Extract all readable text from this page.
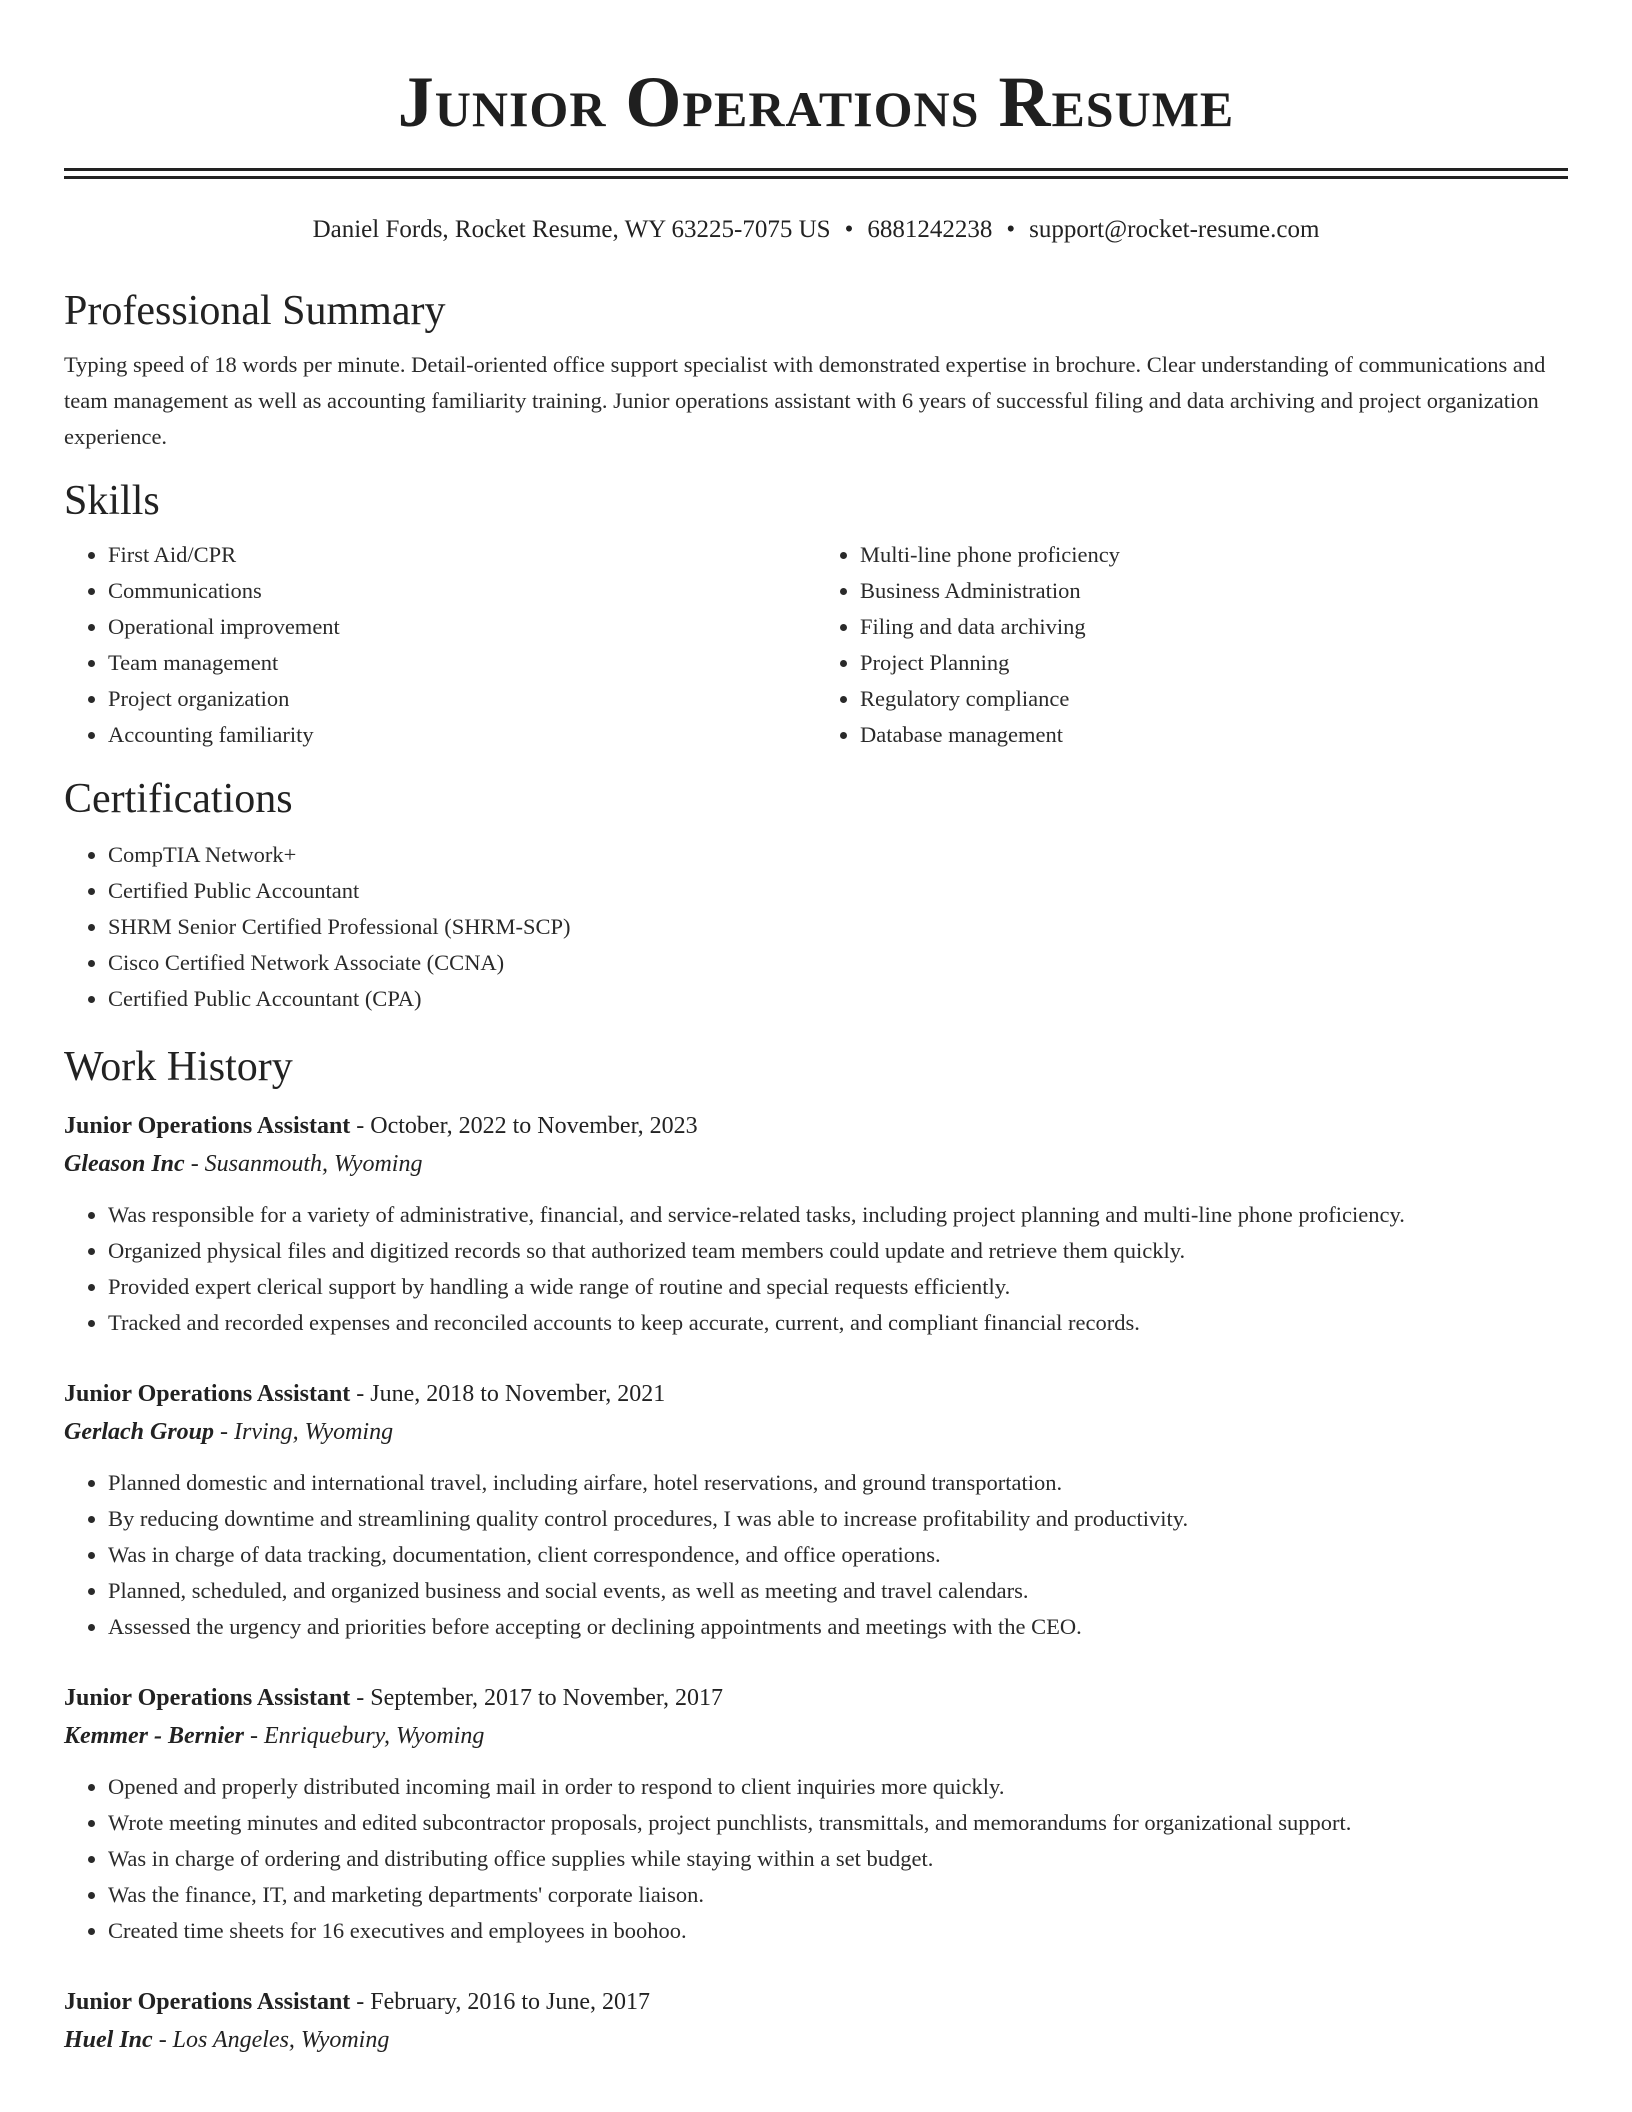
Junior Operations Resume
Daniel Fords, Rocket Resume, WY 63225-7075 US • 6881242238 • support@rocket-resume.com
Professional Summary

Typing speed of 18 words per minute. Detail-oriented office support specialist with demonstrated expertise in brochure. Clear understanding of communications and team management as well as accounting familiarity training. Junior operations assistant with 6 years of successful filing and data archiving and project organization experience.

Skills
• First Aid/CPR
• Communications
• Operational improvement
• Team management
• Project organization
• Accounting familiarity
• Multi-line phone proficiency
• Business Administration
• Filing and data archiving
• Project Planning
• Regulatory compliance
• Database management
Certifications
• CompTIA Network+
• Certified Public Accountant
• SHRM Senior Certified Professional (SHRM-SCP)
• Cisco Certified Network Associate (CCNA)
• Certified Public Accountant (CPA)
Work History
Junior Operations Assistant - October, 2022 to November, 2023
Gleason Inc - Susanmouth, Wyoming
• Was responsible for a variety of administrative, financial, and service-related tasks, including project planning and multi-line phone proficiency.
• Organized physical files and digitized records so that authorized team members could update and retrieve them quickly.
• Provided expert clerical support by handling a wide range of routine and special requests efficiently.
• Tracked and recorded expenses and reconciled accounts to keep accurate, current, and compliant financial records.
Junior Operations Assistant - June, 2018 to November, 2021
Gerlach Group - Irving, Wyoming
• Planned domestic and international travel, including airfare, hotel reservations, and ground transportation.
• By reducing downtime and streamlining quality control procedures, I was able to increase profitability and productivity.
• Was in charge of data tracking, documentation, client correspondence, and office operations.
• Planned, scheduled, and organized business and social events, as well as meeting and travel calendars.
• Assessed the urgency and priorities before accepting or declining appointments and meetings with the CEO.
Junior Operations Assistant - September, 2017 to November, 2017
Kemmer - Bernier - Enriquebury, Wyoming
• Opened and properly distributed incoming mail in order to respond to client inquiries more quickly.
• Wrote meeting minutes and edited subcontractor proposals, project punchlists, transmittals, and memorandums for organizational support.
• Was in charge of ordering and distributing office supplies while staying within a set budget.
• Was the finance, IT, and marketing departments' corporate liaison.
• Created time sheets for 16 executives and employees in boohoo.
Junior Operations Assistant - February, 2016 to June, 2017
Huel Inc - Los Angeles, Wyoming
